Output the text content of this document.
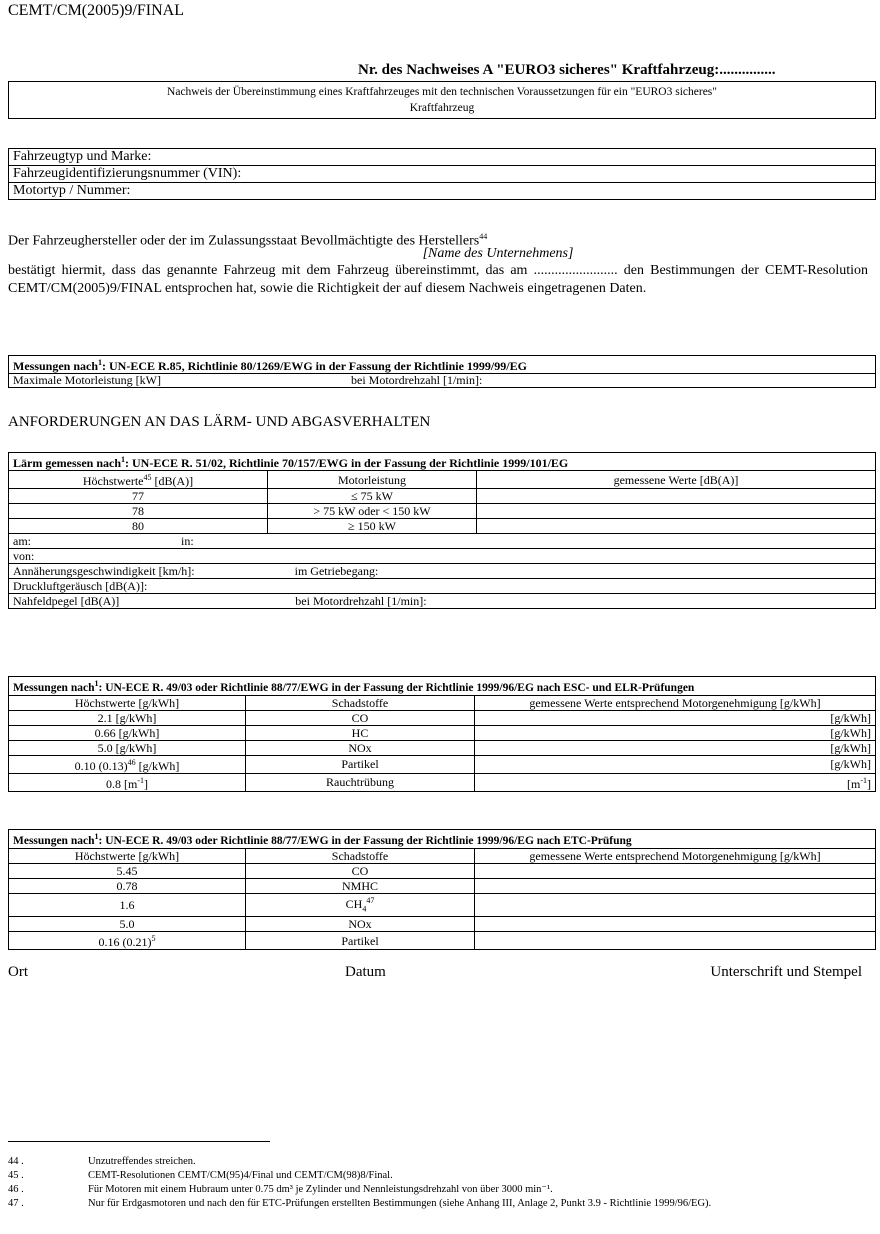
CEMT/CM(2005)9/FINAL
Nr. des Nachweises A "EURO3 sicheres" Kraftfahrzeug:...............
Nachweis der Übereinstimmung eines Kraftfahrzeuges mit den technischen Voraussetzungen für ein "EURO3 sicheres"
Kraftfahrzeug
Fahrzeugtyp und Marke:
Fahrzeugidentifizierungsnummer (VIN):
Motortyp / Nummer:
Der Fahrzeughersteller oder der im Zulassungsstaat Bevollmächtigte des Herstellers$^{44}$
[Name des Unternehmens]
bestätigt hiermit, dass das genannte Fahrzeug mit dem Fahrzeug übereinstimmt, das am ........................ den Bestimmungen der CEMT-Resolution CEMT/CM(2005)9/FINAL entsprochen hat, sowie die Richtigkeit der auf diesem Nachweis eingetragenen Daten.
Messungen nach$^1$: UN-ECE R.85, Richtlinie 80/1269/EWG in der Fassung der Richtlinie 1999/99/EG
Maximale Motorleistung [kW]	bei Motordrehzahl [1/min]:
ANFORDERUNGEN AN DAS LÄRM- UND ABGASVERHALTEN
Lärm gemessen nach$^1$: UN-ECE R. 51/02, Richtlinie 70/157/EWG in der Fassung der Richtlinie 1999/101/EG		
Höchstwerte$^{45}$ [dB(A)]	Motorleistung	gemessene Werte [dB(A)]
77	≤ 75 kW	
78	> 75 kW oder < 150 kW	
80	≥ 150 kW	
am: in:		
von:		
Annäherungsgeschwindigkeit [km/h]: im Getriebegang:		
Druckluftgeräusch [dB(A)]:		
Nahfeldpegel [dB(A)] bei Motordrehzahl [1/min]:		
Messungen nach$^1$: UN-ECE R. 49/03 oder Richtlinie 88/77/EWG in der Fassung der Richtlinie 1999/96/EG nach ESC- und ELR-Prüfungen		
Höchstwerte [g/kWh]	Schadstoffe	gemessene Werte entsprechend Motorgenehmigung [g/kWh]
2.1 [g/kWh]	CO	[g/kWh]
0.66 [g/kWh]	HC	[g/kWh]
5.0 [g/kWh]	NOx	[g/kWh]
0.10 $(0.13)^{46}$ [g/kWh]	Partikel	[g/kWh]
0.8 $[m^{-1}]$	Rauchtrübung	$[m^{-1}]$
Messungen nach$^1$: UN-ECE R. 49/03 oder Richtlinie 88/77/EWG in der Fassung der Richtlinie 1999/96/EG nach ETC-Prüfung		
Höchstwerte [g/kWh]	Schadstoffe	gemessene Werte entsprechend Motorgenehmigung [g/kWh]
5.45	CO	
0.78	NMHC	
1.6	$CH_4^{47}$	
5.0	NOx	
0.16 $(0.21)^5$	Partikel	
Ort	Datum	Unterschrift und Stempel
44 .	Unzutreffendes streichen.
45 .	CEMT-Resolutionen CEMT/CM(95)4/Final und CEMT/CM(98)8/Final.
46 .	Für Motoren mit einem Hubraum unter 0.75 dm³ je Zylinder und Nennleistungsdrehzahl von über 3000 min⁻¹.
47 .	Nur für Erdgasmotoren und nach den für ETC-Prüfungen erstellten Bestimmungen (siehe Anhang III, Anlage 2, Punkt 3.9 - Richtlinie 1999/96/EG).
